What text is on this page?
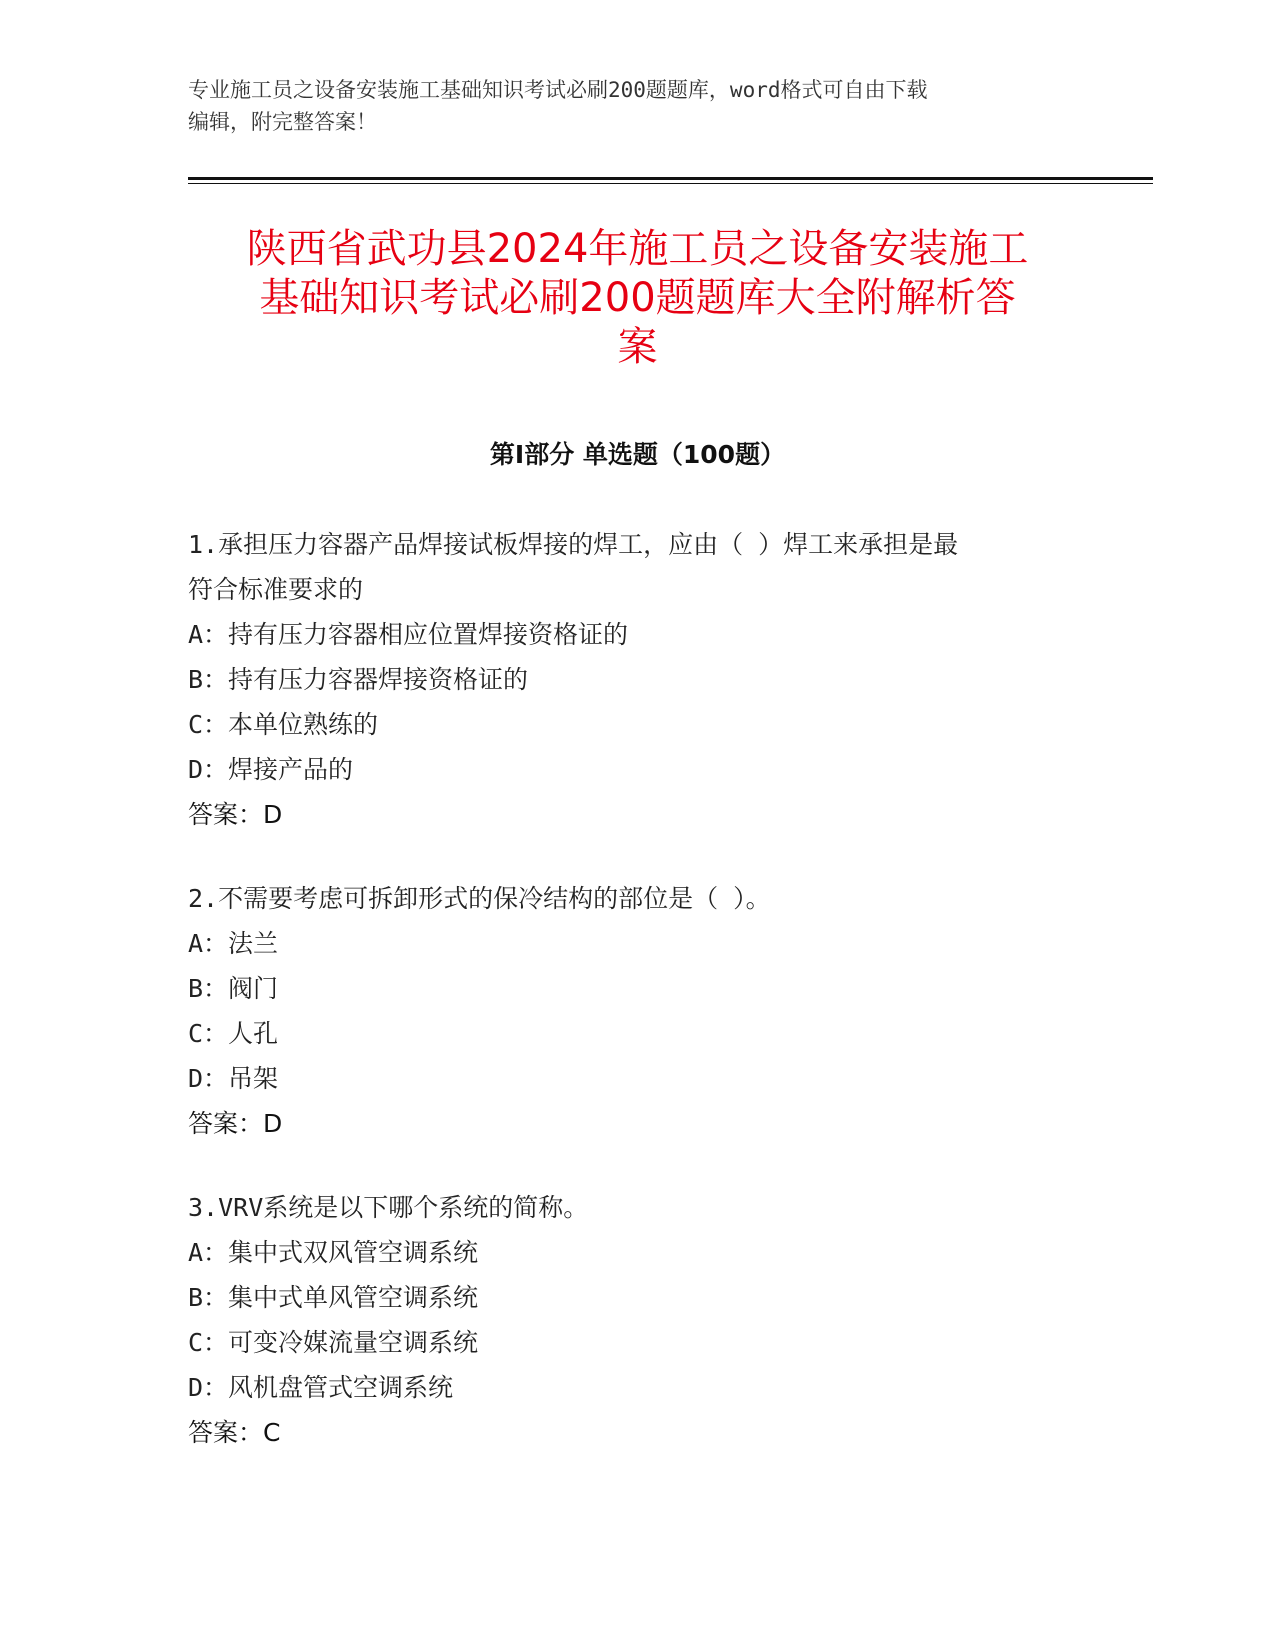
专业施工员之设备安装施工基础知识考试必刷200题题库，word格式可自由下载
编辑，附完整答案！
陕西省武功县2024年施工员之设备安装施工
基础知识考试必刷200题题库大全附解析答
案
第Ⅰ部分 单选题（100题）
1.承担压力容器产品焊接试板焊接的焊工，应由（ ）焊工来承担是最
符合标准要求的
A：持有压力容器相应位置焊接资格证的
B：持有压力容器焊接资格证的
C：本单位熟练的
D：焊接产品的
答案：D
2.不需要考虑可拆卸形式的保冷结构的部位是（ ）。
A：法兰
B：阀门
C：人孔
D：吊架
答案：D
3.VRV系统是以下哪个系统的简称。
A：集中式双风管空调系统
B：集中式单风管空调系统
C：可变冷媒流量空调系统
D：风机盘管式空调系统
答案：C
